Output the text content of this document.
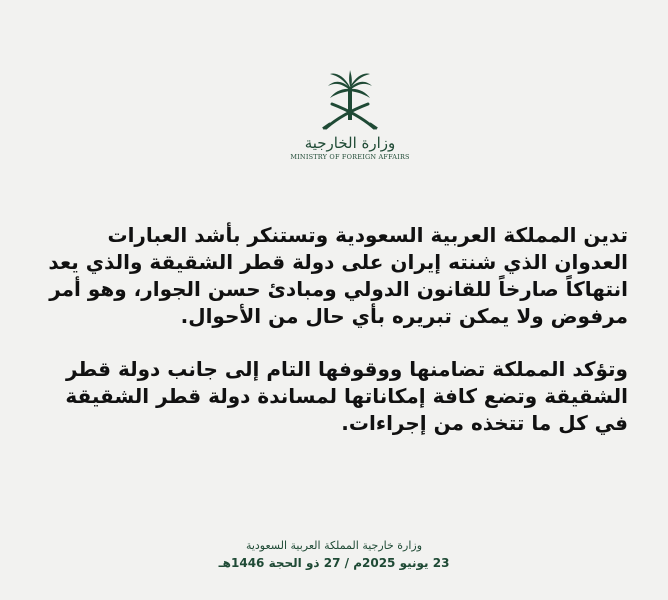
وزارة الخارجية
MINISTRY OF FOREIGN AFFAIRS

تدين المملكة العربية السعودية وتستنكر بأشد العبارات العدوان الذي شنته إيران على دولة قطر الشقيقة والذي يعد انتهاكاً صارخاً للقانون الدولي ومبادئ حسن الجوار، وهو أمر مرفوض ولا يمكن تبريره بأي حال من الأحوال.

وتؤكد المملكة تضامنها ووقوفها التام إلى جانب دولة قطر الشقيقة وتضع كافة إمكاناتها لمساندة دولة قطر الشقيقة في كل ما تتخذه من إجراءات.

وزارة خارجية المملكة العربية السعودية
23 يونيو 2025م / 27 ذو الحجة 1446هـ
